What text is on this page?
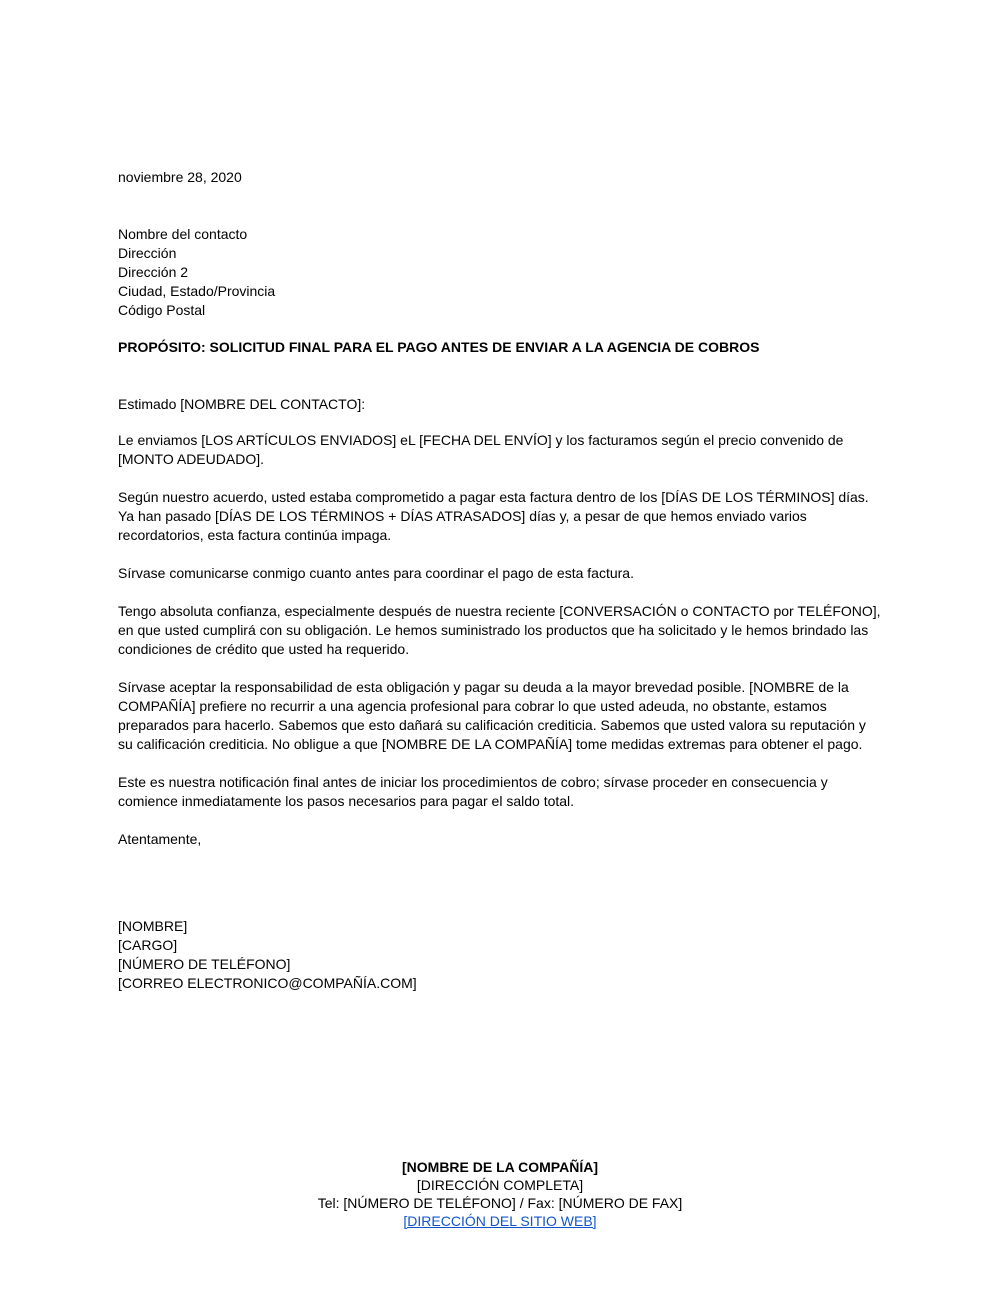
noviembre 28, 2020

Nombre del contacto
Dirección
Dirección 2
Ciudad, Estado/Provincia
Código Postal

PROPÓSITO: SOLICITUD FINAL PARA EL PAGO ANTES DE ENVIAR A LA AGENCIA DE COBROS

Estimado [NOMBRE DEL CONTACTO]:

Le enviamos [LOS ARTÍCULOS ENVIADOS] eL [FECHA DEL ENVÍO] y los facturamos según el precio convenido de [MONTO ADEUDADO].

Según nuestro acuerdo, usted estaba comprometido a pagar esta factura dentro de los [DÍAS DE LOS TÉRMINOS] días. Ya han pasado [DÍAS DE LOS TÉRMINOS + DÍAS ATRASADOS] días y, a pesar de que hemos enviado varios recordatorios, esta factura continúa impaga.

Sírvase comunicarse conmigo cuanto antes para coordinar el pago de esta factura.

Tengo absoluta confianza, especialmente después de nuestra reciente [CONVERSACIÓN o CONTACTO por TELÉFONO], en que usted cumplirá con su obligación. Le hemos suministrado los productos que ha solicitado y le hemos brindado las condiciones de crédito que usted ha requerido.

Sírvase aceptar la responsabilidad de esta obligación y pagar su deuda a la mayor brevedad posible. [NOMBRE de la COMPAÑÍA] prefiere no recurrir a una agencia profesional para cobrar lo que usted adeuda, no obstante, estamos preparados para hacerlo. Sabemos que esto dañará su calificación crediticia. Sabemos que usted valora su reputación y su calificación crediticia. No obligue a que [NOMBRE DE LA COMPAÑÍA] tome medidas extremas para obtener el pago.

Este es nuestra notificación final antes de iniciar los procedimientos de cobro; sírvase proceder en consecuencia y comience inmediatamente los pasos necesarios para pagar el saldo total.

Atentamente,

[NOMBRE]
[CARGO]
[NÚMERO DE TELÉFONO]
[CORREO ELECTRONICO@COMPAÑÍA.COM]
[NOMBRE DE LA COMPAÑÍA]
[DIRECCIÓN COMPLETA]
Tel: [NÚMERO DE TELÉFONO] / Fax: [NÚMERO DE FAX]
[DIRECCIÓN DEL SITIO WEB]
